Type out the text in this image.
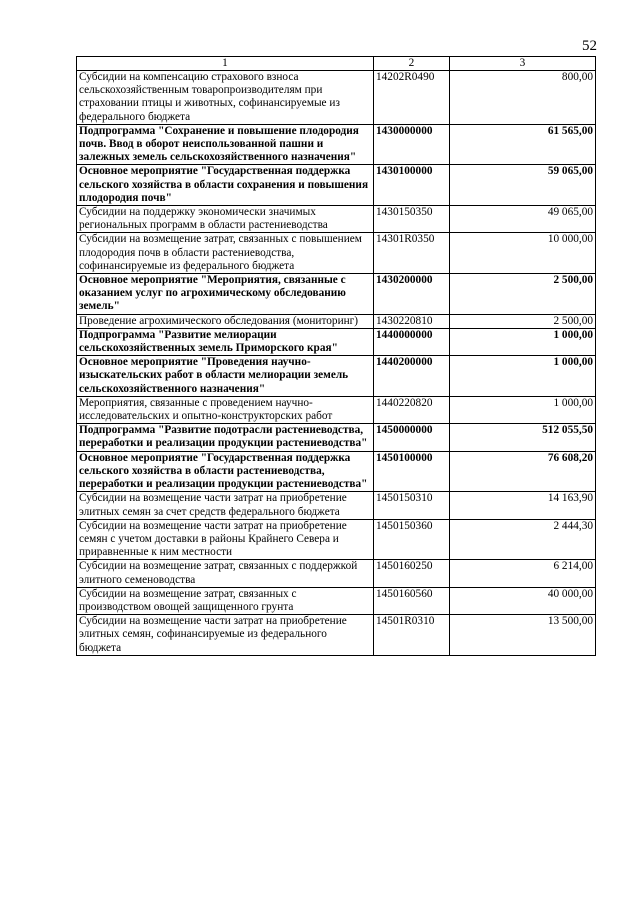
52
1	2	3
Субсидии на компенсацию страхового взноса сельскохозяйственным товаропроизводителям при страховании птицы и животных, софинансируемые из федерального бюджета	14202R0490	800,00
Подпрограмма "Сохранение и повышение плодородия почв. Ввод в оборот неиспользованной пашни и залежных земель сельскохозяйственного назначения"	1430000000	61 565,00
Основное мероприятие "Государственная поддержка сельского хозяйства в области сохранения и повышения плодородия почв"	1430100000	59 065,00
Субсидии на поддержку экономически значимых региональных программ в области растениеводства	1430150350	49 065,00
Субсидии на возмещение затрат, связанных с повышением плодородия почв в области растениеводства, софинансируемые из федерального бюджета	14301R0350	10 000,00
Основное мероприятие "Мероприятия, связанные с оказанием услуг по агрохимическому обследованию земель"	1430200000	2 500,00
Проведение агрохимического обследования (мониторинг)	1430220810	2 500,00
Подпрограмма "Развитие мелиорации сельскохозяйственных земель Приморского края"	1440000000	1 000,00
Основное мероприятие "Проведения научно-изыскательских работ в области мелиорации земель сельскохозяйственного назначения"	1440200000	1 000,00
Мероприятия, связанные с проведением научно-исследовательских и опытно-конструкторских работ	1440220820	1 000,00
Подпрограмма "Развитие подотрасли растениеводства, переработки и реализации продукции растениеводства"	1450000000	512 055,50
Основное мероприятие "Государственная поддержка сельского хозяйства в области растениеводства, переработки и реализации продукции растениеводства"	1450100000	76 608,20
Субсидии на возмещение части затрат на приобретение элитных семян за счет средств федерального бюджета	1450150310	14 163,90
Субсидии на возмещение части затрат на приобретение семян с учетом доставки в районы Крайнего Севера и приравненные к ним местности	1450150360	2 444,30
Субсидии на возмещение затрат, связанных с поддержкой элитного семеноводства	1450160250	6 214,00
Субсидии на возмещение затрат, связанных с производством овощей защищенного грунта	1450160560	40 000,00
Субсидии на возмещение части затрат на приобретение элитных семян, софинансируемые из федерального бюджета	14501R0310	13 500,00
